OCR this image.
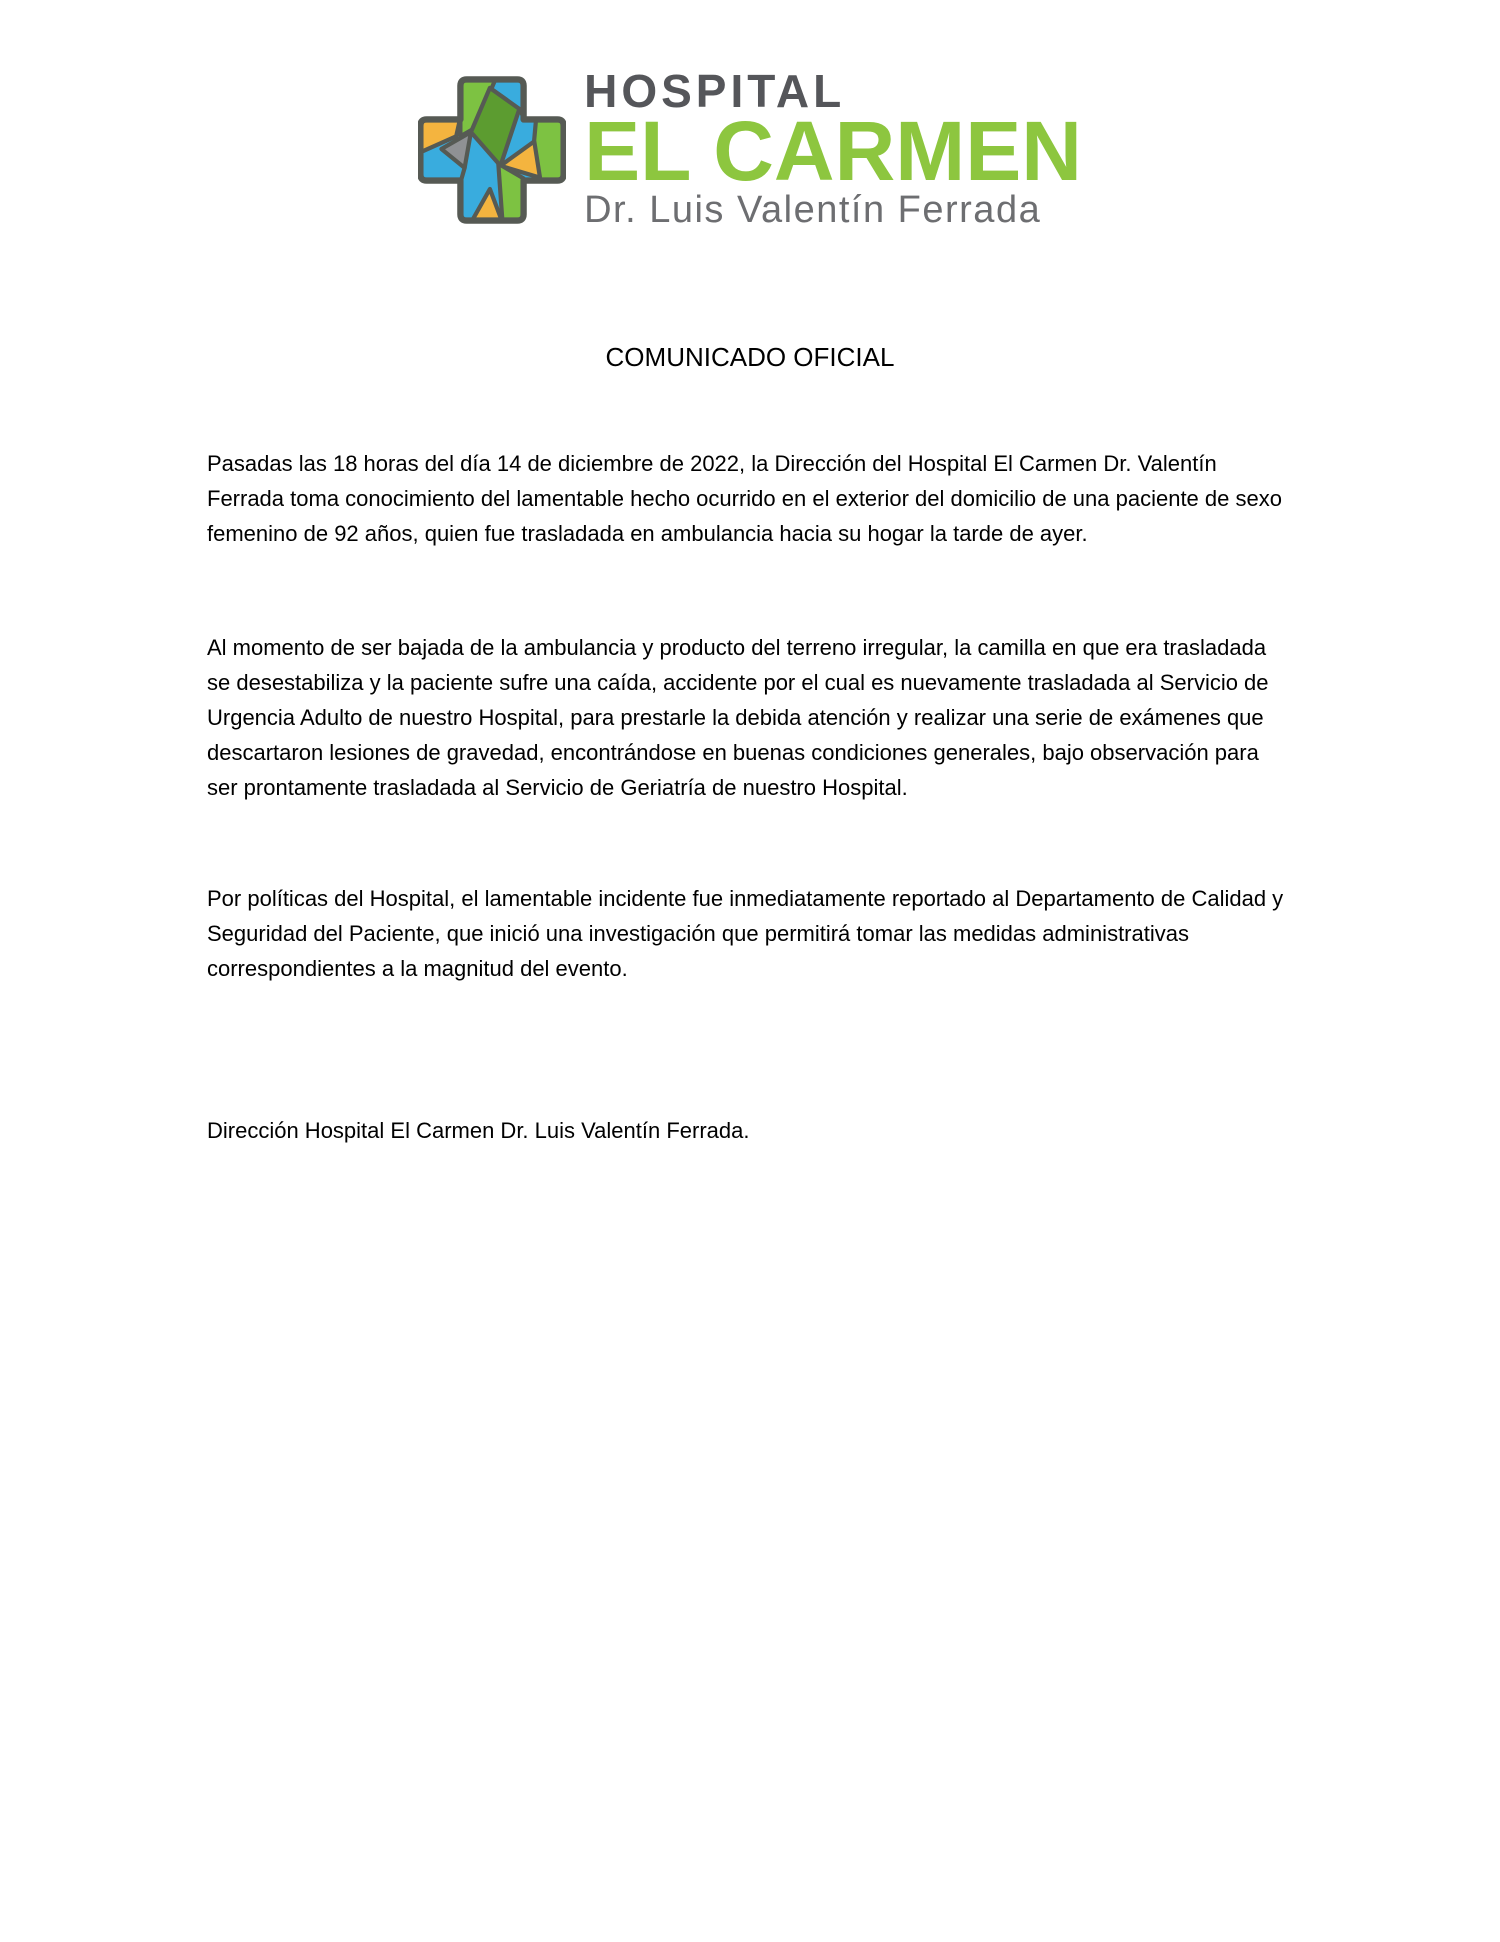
HOSPITAL
EL CARMEN
Dr. Luis Valentín Ferrada
COMUNICADO OFICIAL

Pasadas las 18 horas del día 14 de diciembre de 2022, la Dirección del Hospital El Carmen Dr. Valentín Ferrada toma conocimiento del lamentable hecho ocurrido en el exterior del domicilio de una paciente de sexo femenino de 92 años, quien fue trasladada en ambulancia hacia su hogar la tarde de ayer.

Al momento de ser bajada de la ambulancia y producto del terreno irregular, la camilla en que era trasladada se desestabiliza y la paciente sufre una caída, accidente por el cual es nuevamente trasladada al Servicio de Urgencia Adulto de nuestro Hospital, para prestarle la debida atención y realizar una serie de exámenes que descartaron lesiones de gravedad, encontrándose en buenas condiciones generales, bajo observación para ser prontamente trasladada al Servicio de Geriatría de nuestro Hospital.

Por políticas del Hospital, el lamentable incidente fue inmediatamente reportado al Departamento de Calidad y Seguridad del Paciente, que inició una investigación que permitirá tomar las medidas administrativas correspondientes a la magnitud del evento.

Dirección Hospital El Carmen Dr. Luis Valentín Ferrada.
